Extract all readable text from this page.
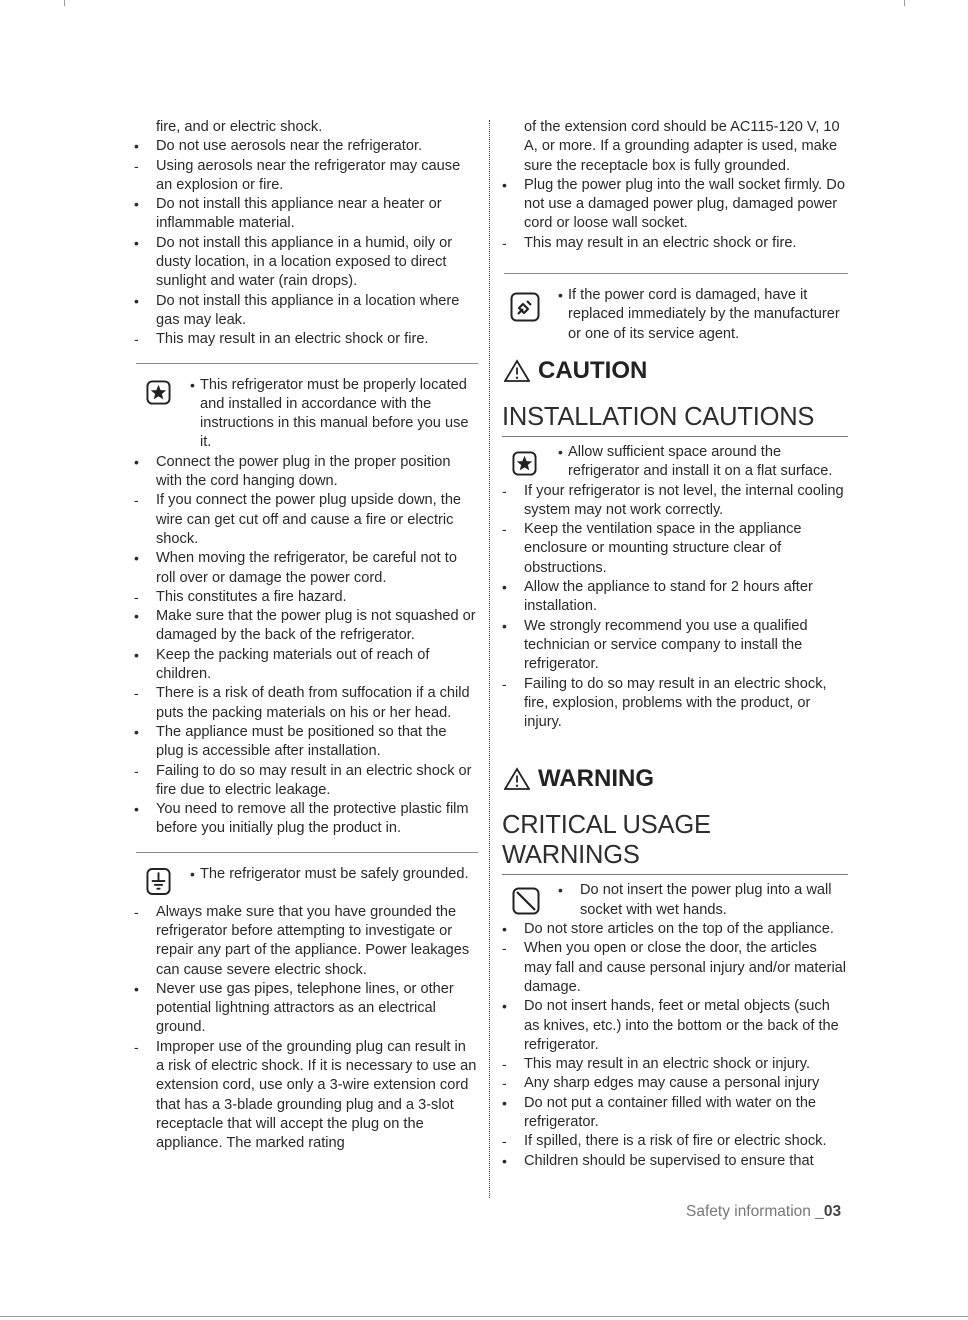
fire, and or electric shock.
• Do not use aerosols near the refrigerator.
- Using aerosols near the refrigerator may cause an explosion or fire.
• Do not install this appliance near a heater or inflammable material.
• Do not install this appliance in a humid, oily or dusty location, in a location exposed to direct sunlight and water (rain drops).
• Do not install this appliance in a location where gas may leak.
- This may result in an electric shock or fire.
• This refrigerator must be properly located and installed in accordance with the instructions in this manual before you use it.
• Connect the power plug in the proper position with the cord hanging down.
- If you connect the power plug upside down, the wire can get cut off and cause a fire or electric shock.
• When moving the refrigerator, be careful not to roll over or damage the power cord.
- This constitutes a fire hazard.
• Make sure that the power plug is not squashed or damaged by the back of the refrigerator.
• Keep the packing materials out of reach of children.
- There is a risk of death from suffocation if a child puts the packing materials on his or her head.
• The appliance must be positioned so that the plug is accessible after installation.
- Failing to do so may result in an electric shock or fire due to electric leakage.
• You need to remove all the protective plastic film before you initially plug the product in.
• The refrigerator must be safely grounded.
- Always make sure that you have grounded the refrigerator before attempting to investigate or repair any part of the appliance. Power leakages can cause severe electric shock.
• Never use gas pipes, telephone lines, or other potential lightning attractors as an electrical ground.
- Improper use of the grounding plug can result in a risk of electric shock. If it is necessary to use an extension cord, use only a 3-wire extension cord that has a 3-blade grounding plug and a 3-slot receptacle that will accept the plug on the appliance. The marked rating
of the extension cord should be AC115-120 V, 10 A, or more. If a grounding adapter is used, make sure the receptacle box is fully grounded.
• Plug the power plug into the wall socket firmly. Do not use a damaged power plug, damaged power cord or loose wall socket.
- This may result in an electric shock or fire.
• If the power cord is damaged, have it replaced immediately by the manufacturer or one of its service agent.
CAUTION
INSTALLATION CAUTIONS
• Allow sufficient space around the refrigerator and install it on a flat surface.
- If your refrigerator is not level, the internal cooling system may not work correctly.
- Keep the ventilation space in the appliance enclosure or mounting structure clear of obstructions.
• Allow the appliance to stand for 2 hours after installation.
• We strongly recommend you use a qualified technician or service company to install the refrigerator.
- Failing to do so may result in an electric shock, fire, explosion, problems with the product, or injury.
WARNING
CRITICAL USAGE WARNINGS
• Do not insert the power plug into a wall socket with wet hands.
• Do not store articles on the top of the appliance.
- When you open or close the door, the articles may fall and cause personal injury and/or material damage.
• Do not insert hands, feet or metal objects (such as knives, etc.) into the bottom or the back of the refrigerator.
- This may result in an electric shock or injury.
- Any sharp edges may cause a personal injury
• Do not put a container filled with water on the refrigerator.
- If spilled, there is a risk of fire or electric shock.
• Children should be supervised to ensure that
Safety information _03
